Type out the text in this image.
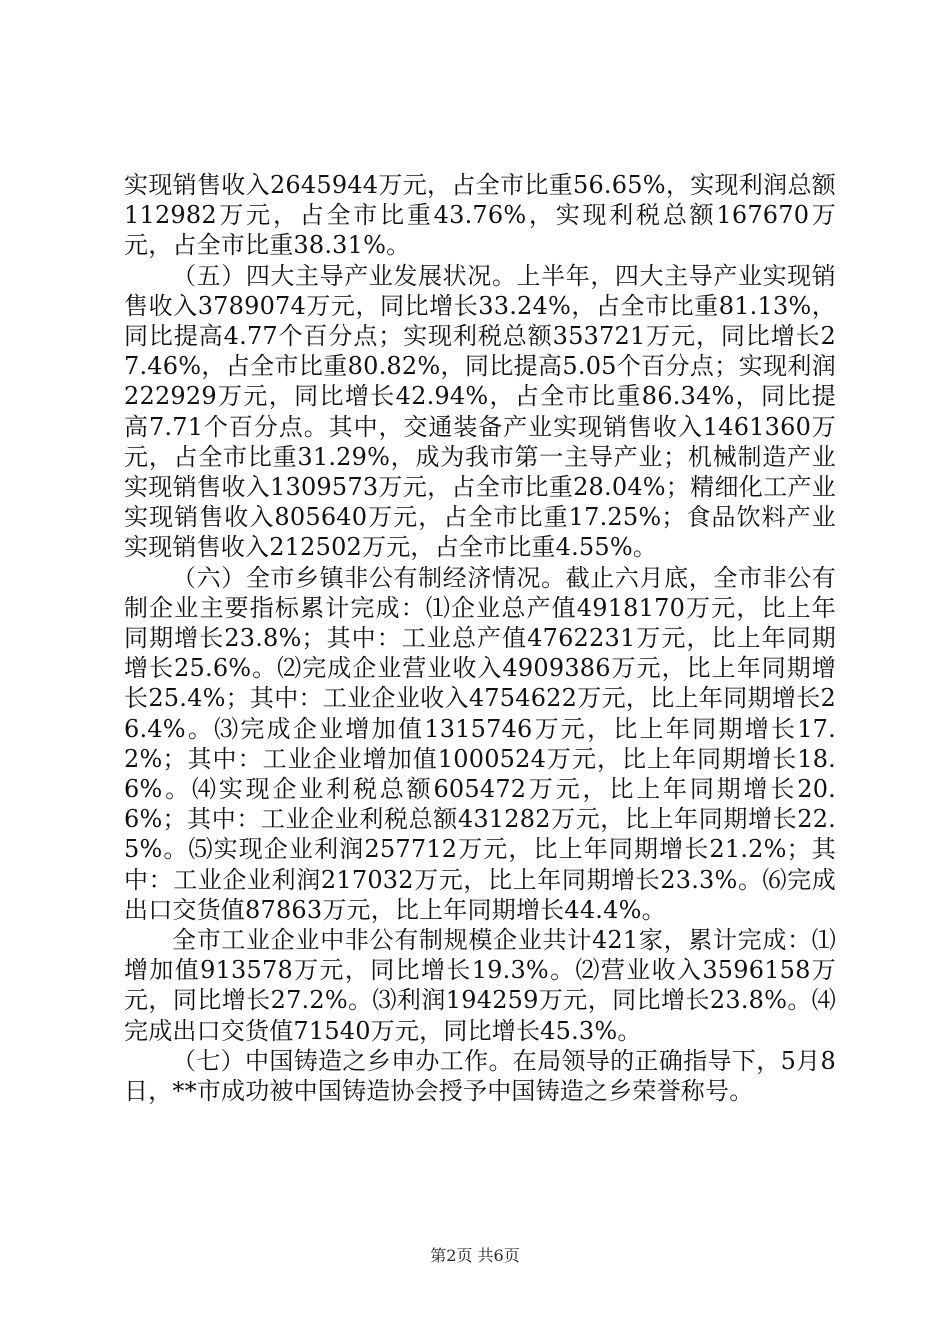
实现销售收入2645944万元，占全市比重56.65%，实现利润总额112982万元，占全市比重43.76%，实现利税总额167670万元，占全市比重38.31%。

（五）四大主导产业发展状况。上半年，四大主导产业实现销售收入3789074万元，同比增长33.24%，占全市比重81.13%，同比提高4.77个百分点；实现利税总额353721万元，同比增长27.46%，占全市比重80.82%，同比提高5.05个百分点；实现利润222929万元，同比增长42.94%，占全市比重86.34%，同比提高7.71个百分点。其中，交通装备产业实现销售收入1461360万元，占全市比重31.29%，成为我市第一主导产业；机械制造产业实现销售收入1309573万元，占全市比重28.04%；精细化工产业实现销售收入805640万元，占全市比重17.25%；食品饮料产业实现销售收入212502万元，占全市比重4.55%。

（六）全市乡镇非公有制经济情况。截止六月底，全市非公有制企业主要指标累计完成：⑴企业总产值4918170万元，比上年同期增长23.8%；其中：工业总产值4762231万元，比上年同期增长25.6%。⑵完成企业营业收入4909386万元，比上年同期增长25.4%；其中：工业企业收入4754622万元，比上年同期增长26.4%。⑶完成企业增加值1315746万元，比上年同期增长17.2%；其中：工业企业增加值1000524万元，比上年同期增长18.6%。⑷实现企业利税总额605472万元，比上年同期增长20.6%；其中：工业企业利税总额431282万元，比上年同期增长22.5%。⑸实现企业利润257712万元，比上年同期增长21.2%；其中：工业企业利润217032万元，比上年同期增长23.3%。⑹完成出口交货值87863万元，比上年同期增长44.4%。

全市工业企业中非公有制规模企业共计421家，累计完成：⑴增加值913578万元，同比增长19.3%。⑵营业收入3596158万元，同比增长27.2%。⑶利润194259万元，同比增长23.8%。⑷完成出口交货值71540万元，同比增长45.3%。

（七）中国铸造之乡申办工作。在局领导的正确指导下，5月8日，**市成功被中国铸造协会授予中国铸造之乡荣誉称号。

第2页 共6页
